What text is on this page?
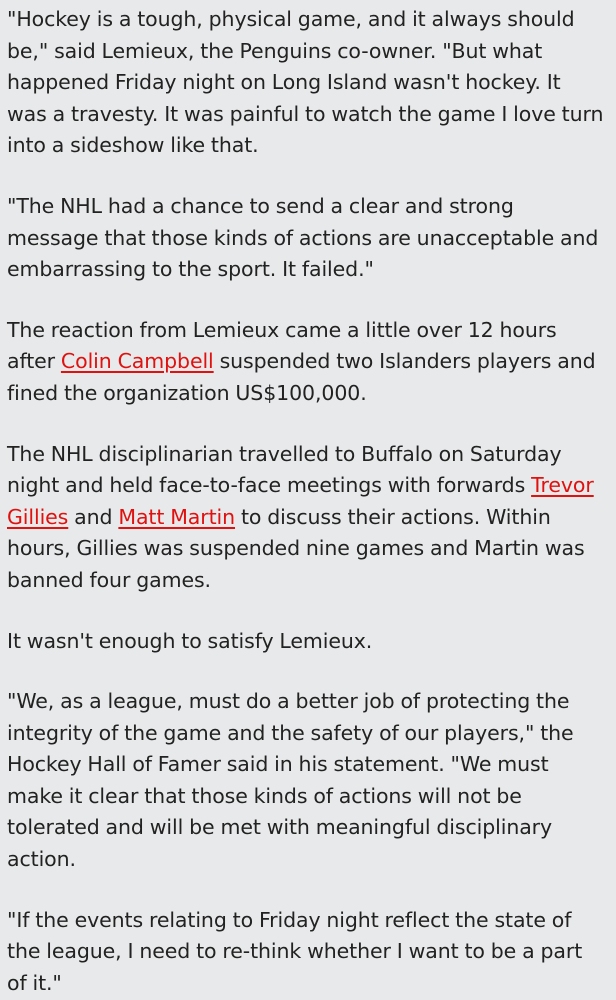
"Hockey is a tough, physical game, and it always should be," said Lemieux, the Penguins co-owner. "But what happened Friday night on Long Island wasn't hockey. It was a travesty. It was painful to watch the game I love turn into a sideshow like that.

"The NHL had a chance to send a clear and strong message that those kinds of actions are unacceptable and embarrassing to the sport. It failed."

The reaction from Lemieux came a little over 12 hours after Colin Campbell suspended two Islanders players and fined the organization US$100,000.

The NHL disciplinarian travelled to Buffalo on Saturday night and held face-to-face meetings with forwards Trevor Gillies and Matt Martin to discuss their actions. Within hours, Gillies was suspended nine games and Martin was banned four games.

It wasn't enough to satisfy Lemieux.

"We, as a league, must do a better job of protecting the integrity of the game and the safety of our players," the Hockey Hall of Famer said in his statement. "We must make it clear that those kinds of actions will not be tolerated and will be met with meaningful disciplinary action.

"If the events relating to Friday night reflect the state of the league, I need to re-think whether I want to be a part of it."
